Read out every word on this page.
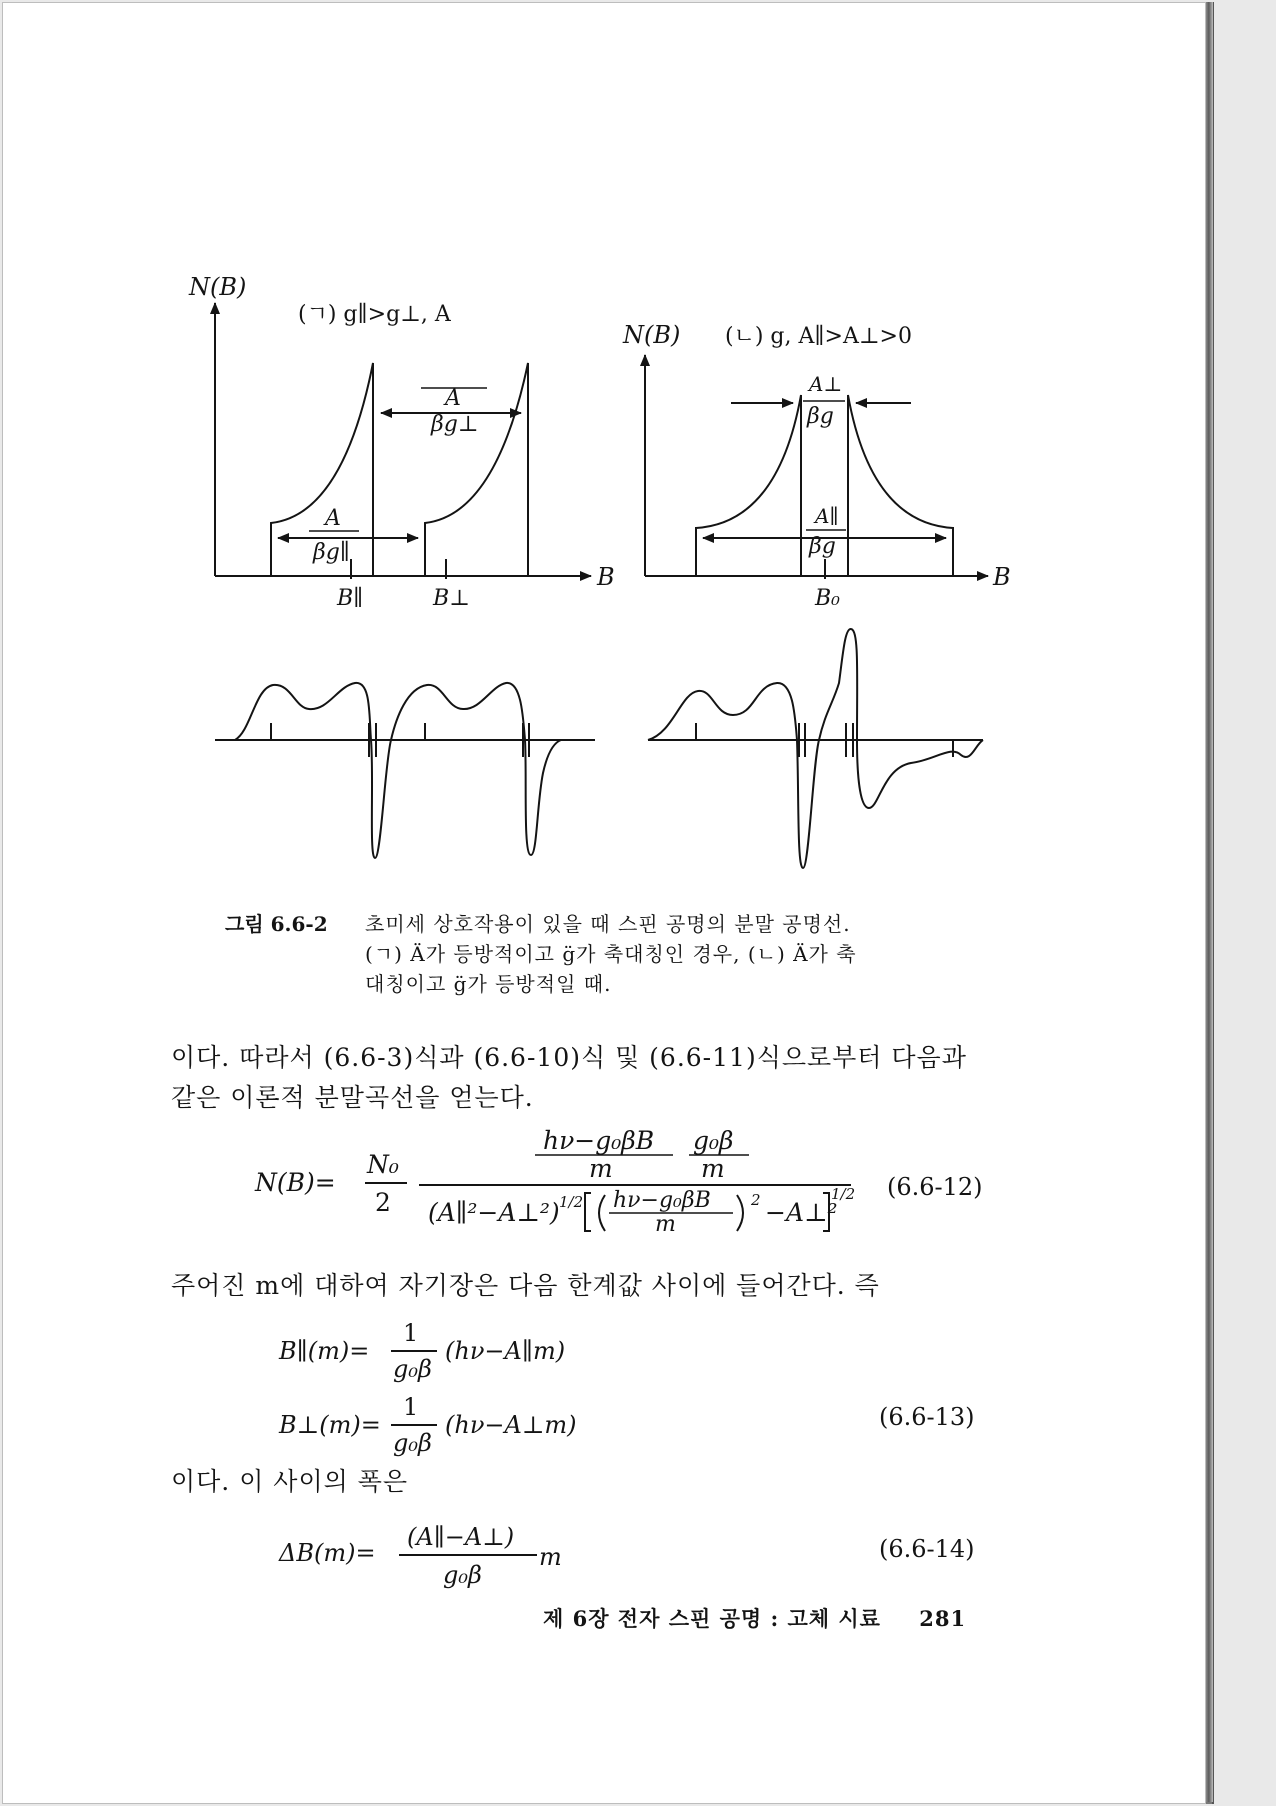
N(B)
(ㄱ) g∥>g⊥, A
B
A
βg⊥
A
βg∥
B∥	B⊥
N(B) (ㄴ) g, A∥>A⊥>0
B
A⊥
βg
A∥
βg
B₀
그림 6.6-2 초미세 상호작용이 있을 때 스핀 공명의 분말 공명선.
(ㄱ) Ä가 등방적이고 g̈가 축대칭인 경우, (ㄴ) Ä가 축
대칭이고 g̈가 등방적일 때.
이다. 따라서 (6.6-3)식과 (6.6-10)식 및 (6.6-11)식으로부터 다음과
같은 이론적 분말곡선을 얻는다.
N(B)=
N₀
2
hν−g₀βB g₀β
m	m
(A∥²−A⊥²) 1/2 hν−g₀βB
m
2 −A⊥²
1/2 (6.6-12)
주어진 m에 대하여 자기장은 다음 한계값 사이에 들어간다. 즉
B∥(m)=
1
g₀β
(hν−A∥m)
B⊥(m)=
1
g₀β
(hν−A⊥m)	(6.6-13)
이다. 이 사이의 폭은
ΔB(m)=
(A∥−A⊥)
g₀β
m	(6.6-14)
제 6장 전자 스핀 공명 : 고체 시료 281
